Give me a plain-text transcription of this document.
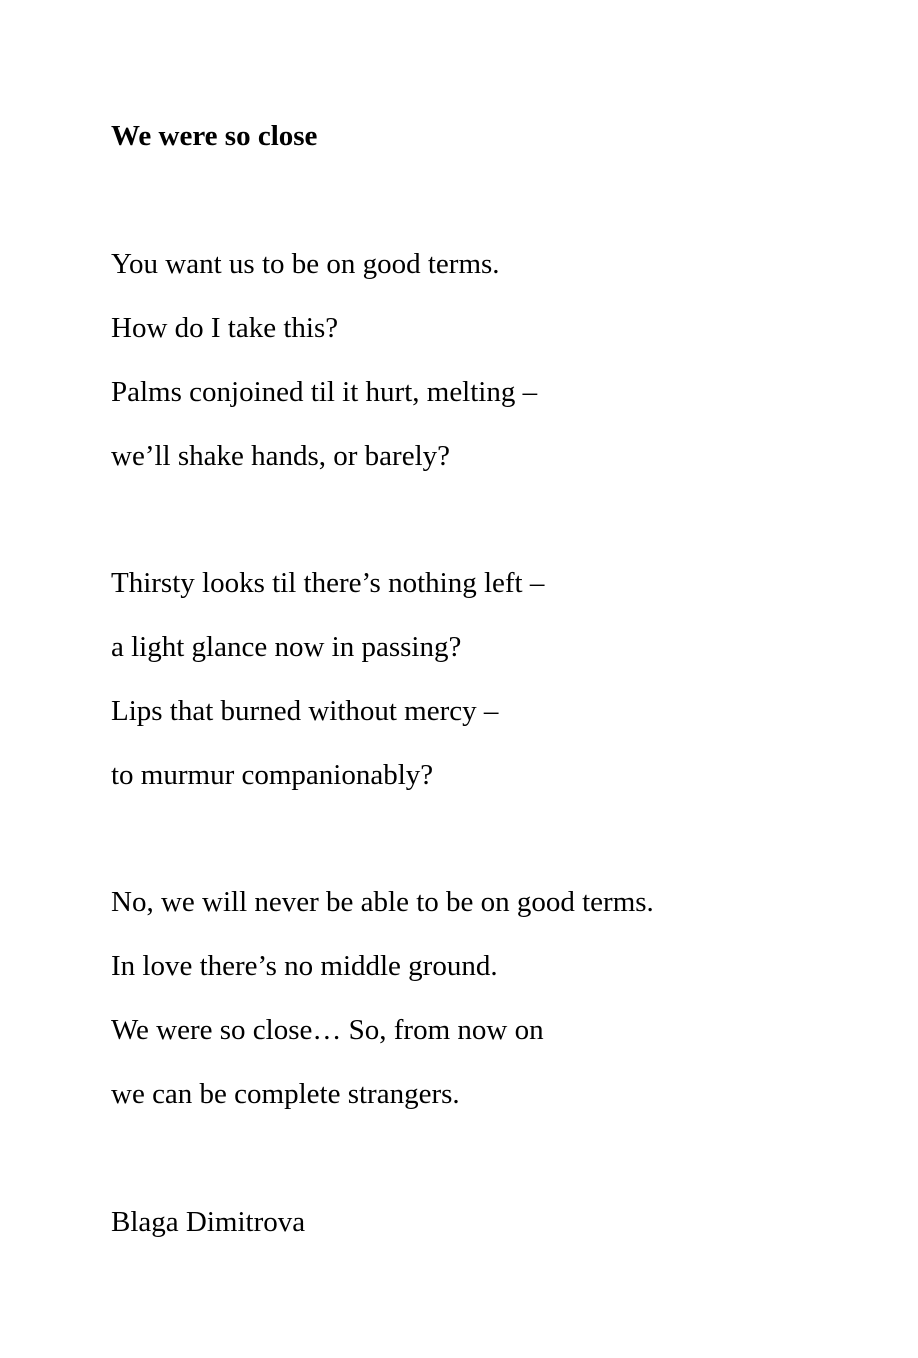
We were so close
You want us to be on good terms.
How do I take this?
Palms conjoined til it hurt, melting –
we’ll shake hands, or barely?
Thirsty looks til there’s nothing left –
a light glance now in passing?
Lips that burned without mercy –
to murmur companionably?
No, we will never be able to be on good terms.
In love there’s no middle ground.
We were so close… So, from now on
we can be complete strangers.

Blaga Dimitrova
